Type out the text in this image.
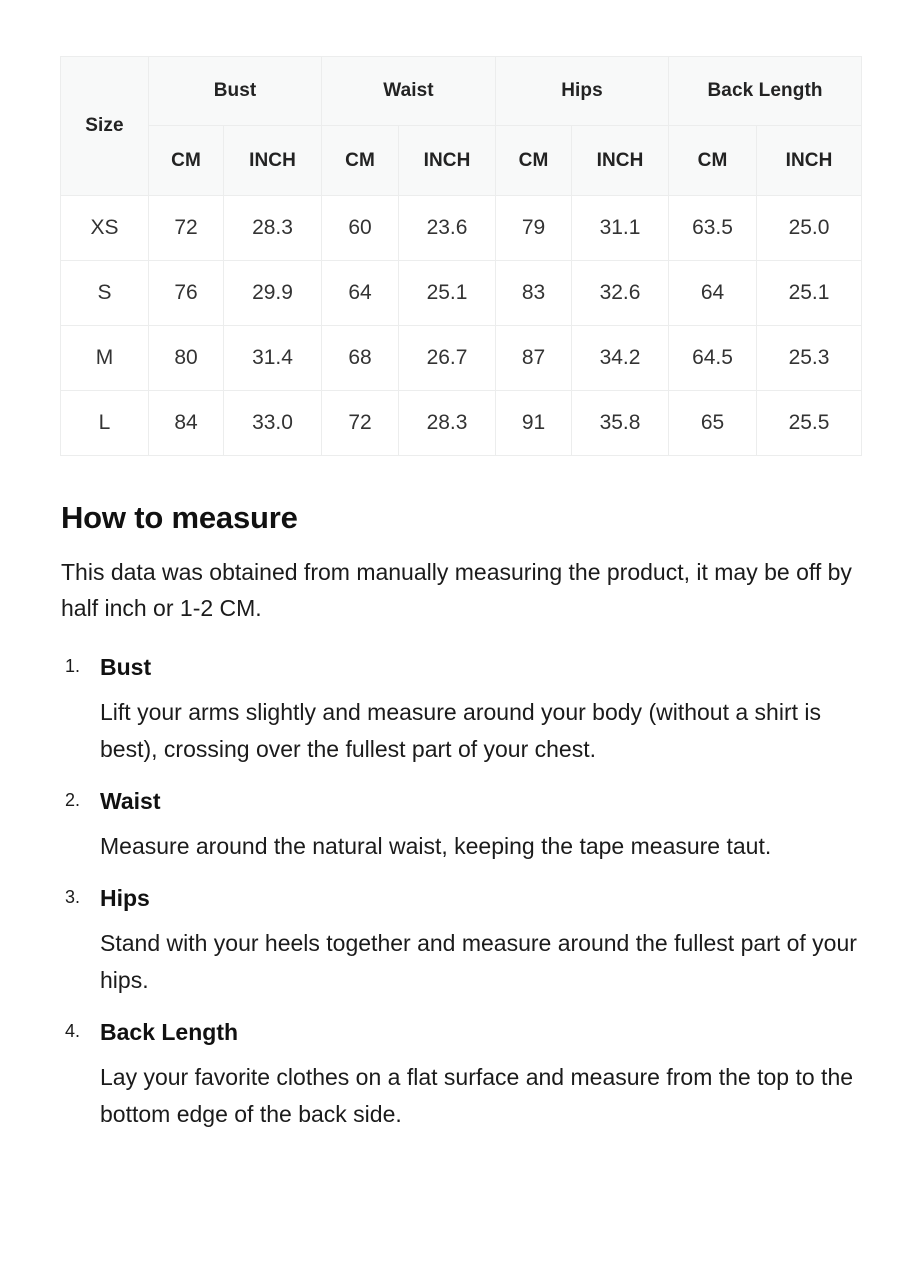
Size	Bust		Waist		Hips		Back Length	
	CM	INCH	CM	INCH	CM	INCH	CM	INCH
XS	72	28.3	60	23.6	79	31.1	63.5	25.0
S	76	29.9	64	25.1	83	32.6	64	25.1
M	80	31.4	68	26.7	87	34.2	64.5	25.3
L	84	33.0	72	28.3	91	35.8	65	25.5
How to measure

This data was obtained from manually measuring the product, it may be off by half inch or 1-2 CM.

1. Bust
Lift your arms slightly and measure around your body (without a shirt is best), crossing over the fullest part of your chest.
2. Waist
Measure around the natural waist, keeping the tape measure taut.
3. Hips
Stand with your heels together and measure around the fullest part of your hips.
4. Back Length
Lay your favorite clothes on a flat surface and measure from the top to the bottom edge of the back side.
